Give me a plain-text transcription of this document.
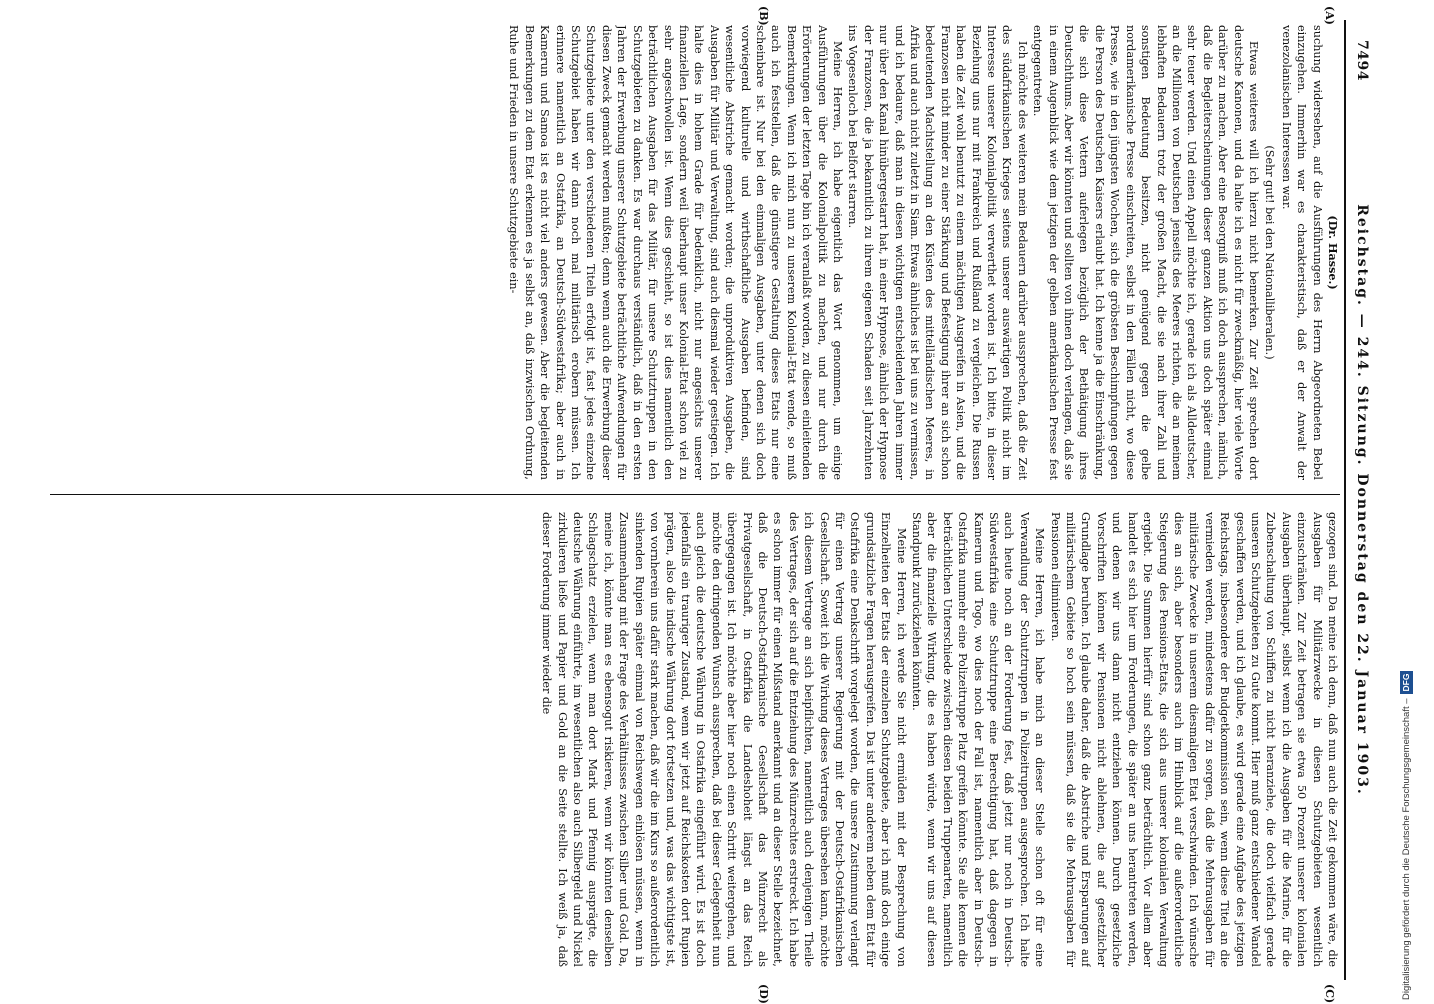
7494
Reichstag. — 244. Sitzung. Donnerstag den 22. Januar 1903.
(A)
(B)
(C)
(D)

(Dr. Hasse.)

suchung widersehen, auf die Ausführungen des Herrn Abgeordneten Bebel einzugehen. Immerhin war es charakteristisch, daß er der Anwalt der venezolanischen Interessen war.

(Sehr gut! bei den Nationalliberalen.)

Etwas weiteres will ich hierzu nicht bemerken. Zur Zeit sprechen dort deutsche Kanonen, und da halte ich es nicht für zweckmäßig, hier viele Worte darüber zu machen. Aber eine Besorgniß muß ich doch aussprechen, nämlich, daß die Begleiterscheinungen dieser ganzen Aktion uns doch später einmal sehr teuer werden. Und einen Appell möchte ich, gerade ich als Alldeutscher, an die Millionen von Deutschen jenseits des Meeres richten, die an meinem lebhaften Bedauern trotz der großen Macht, die sie nach ihrer Zahl und sonstigen Bedeutung besitzen, nicht genügend gegen die gelbe nordamerikanische Presse einschreiten, selbst in den Fällen nicht, wo diese Presse, wie in den jüngsten Wochen, sich die gröbsten Beschimpfungen gegen die Person des Deutschen Kaisers erlaubt hat. Ich kenne ja die Einschränkung, die sich diese Vettern auferlegen bezüglich der Bethätigung ihres Deutschthums. Aber wir könnten und sollten von ihnen doch verlangen, daß sie in einem Augenblick wie dem jetzigen der gelben amerikanischen Presse fest entgegentreten.

Ich möchte des weiteren mein Bedauern darüber aussprechen, daß die Zeit des südafrikanischen Krieges seitens unserer auswärtigen Politik nicht im Interesse unserer Kolonialpolitik verwerthet worden ist. Ich bitte, in dieser Beziehung uns nur mit Frankreich und Rußland zu vergleichen. Die Russen haben die Zeit wohl benutzt zu einem mächtigen Ausgreifen in Asien, und die Franzosen nicht minder zu einer Stärkung und Befestigung ihrer an sich schon bedeutenden Machtstellung an den Küsten des mittelländischen Meeres, in Afrika und auch nicht zuletzt in Siam. Etwas ähnliches ist bei uns zu vermissen, und ich bedaure, daß man in diesen wichtigen entscheidenden Jahren immer nur über den Kanal hinübergestarrt hat, in einer Hypnose, ähnlich der Hypnose der Franzosen, die ja bekanntlich zu ihrem eigenen Schaden seit Jahrzehnten ins Vogesenloch bei Belfort starren.

Meine Herren, ich habe eigentlich das Wort genommen, um einige Ausführungen über die Kolonialpolitik zu machen, und nur durch die Erörterungen der letzten Tage bin ich veranlaßt worden, zu diesen einleitenden Bemerkungen. Wenn ich mich nun zu unserem Kolonial-Etat wende, so muß auch ich feststellen, daß die günstigere Gestaltung dieses Etats nur eine scheinbare ist. Nur bei den einmaligen Ausgaben, unter denen sich doch vorwiegend kulturelle und wirthschaftliche Ausgaben befinden, sind wesentliche Abstriche gemacht worden; die unproduktiven Ausgaben, die Ausgaben für Militär und Verwaltung, sind auch diesmal wieder gestiegen. Ich halte dies in hohem Grade für bedenklich, nicht nur angesichts unserer finanziellen Lage, sondern weil überhaupt unser Kolonial-Etat schon viel zu sehr angeschwollen ist. Wenn dies geschieht, so ist dies namentlich den beträchtlichen Ausgaben für das Militär, für unsere Schutztruppen in den Schutzgebieten zu danken. Es war durchaus verständlich, daß in den ersten Jahren der Erwerbung unserer Schutzgebiete beträchtliche Aufwendungen für diesen Zweck gemacht werden mußten; denn wenn auch die Erwerbung dieser Schutzgebiete unter den verschiedenen Titeln erfolgt ist, fast jedes einzelne Schutzgebiet haben wir dann noch mal militärisch erobern müssen. Ich erinnere namentlich an Ostafrika, an Deutsch-Südwestafrika; aber auch in Kamerun und Samoa ist es nicht viel anders gewesen. Aber die begleitenden Bemerkungen zu dem Etat erkennen es ja selbst an, daß inzwischen Ordnung, Ruhe und Frieden in unsere Schutzgebiete ein-

gezogen sind. Da meine ich denn, daß nun auch die Zeit gekommen wäre, die Ausgaben für Militärzwecke in diesen Schutzgebieten wesentlich einzuschränken. Zur Zeit betragen sie etwa 50 Prozent unserer kolonialen Ausgaben überhaupt, selbst wenn ich die Ausgaben für die Marine, für die Zubenschaltung von Schiffen zu nicht heranziehe, die doch vielfach gerade unseren Schutzgebieten zu Gute kommt. Hier muß ganz entschiedener Wandel geschaffen werden, und ich glaube, es wird gerade eine Aufgabe des jetzigen Reichstags, insbesondere der Budgetkommission sein, wenn diese Titel an die vermieden werden, mindestens dafür zu sorgen, daß die Mehrausgaben für militärische Zwecke in unserem diesmaligen Etat verschwinden. Ich wünsche dies an sich, aber besonders auch im Hinblick auf die außerordentliche Steigerung des Pensions-Etats, die sich aus unserer kolonialen Verwaltung ergiebt. Die Summen hierfür sind schon ganz beträchtlich. Vor allem aber handelt es sich hier um Forderungen, die später an uns herantreten werden, und denen wir uns dann nicht entziehen können. Durch gesetzliche Vorschriften können wir Pensionen nicht ablehnen, die auf gesetzlicher Grundlage beruhen. Ich glaube daher, daß die Abstriche und Ersparungen auf militärischem Gebiete so hoch sein müssen, daß sie die Mehrausgaben für Pensionen eliminieren.

Meine Herren, ich habe mich an dieser Stelle schon oft für eine Verwandlung der Schutztruppen in Polizeitruppen ausgesprochen. Ich halte auch heute noch an der Forderung fest, daß jetzt nur noch in Deutsch-Südwestafrika eine Schutztruppe eine Berechtigung hat, daß dagegen in Kamerun und Togo, wo dies noch der Fall ist, namentlich aber in Deutsch-Ostafrika nunmehr eine Polizeitruppe Platz greifen könnte. Sie alle kennen die beträchtlichen Unterschiede zwischen diesen beiden Truppenarten, namentlich aber die finanzielle Wirkung, die es haben würde, wenn wir uns auf diesen Standpunkt zurückziehen könnten.

Meine Herren, ich werde Sie nicht ermüden mit der Besprechung von Einzelheiten der Etats der einzelnen Schutzgebiete, aber ich muß doch einige grundsätzliche Fragen herausgreifen. Da ist unter anderem neben dem Etat für Ostafrika eine Denkschrift vorgelegt worden, die unsere Zustimmung verlangt für einen Vertrag unserer Regierung mit der Deutsch-Ostafrikanischen Gesellschaft. Soweit ich die Wirkung dieses Vertrages übersehen kann, möchte ich diesem Vertrage an sich beipflichten, namentlich auch denjenigen Theile des Vertrages, der sich auf die Entziehung des Münzrechtes erstreckt. Ich habe es schon immer für einen Mißstand anerkannt und an dieser Stelle bezeichnet, daß die Deutsch-Ostafrikanische Gesellschaft das Münzrecht als Privatgesellschaft, in Ostafrika die Landeshoheit längst an das Reich übergegangen ist. Ich möchte aber hier noch einen Schritt weitergehen, und möchte den dringenden Wunsch aussprechen, daß bei dieser Gelegenheit nun auch gleich die deutsche Währung in Ostafrika eingeführt wird. Es ist doch jedenfalls ein trauriger Zustand, wenn wir jetzt auf Reichskosten dort Rupien prägen, also die indische Währung dort fortsetzen und, was das wichtigste ist, von vornherein uns dafür stark machen, daß wir die im Kurs so außerordentlich sinkenden Rupien später einmal von Reichswegen einlösen müssen, wenn in Zusammenhang mit der Frage des Verhältnisses zwischen Silber und Gold. Da, meine ich, könnte man es ebensogut riskieren, wenn wir könnten denselben Schlagschatz erzielen, wenn man dort Mark und Pfennig ausprägte, die deutsche Währung einführte, im wesentlichen also auch Silbergeld und Nickel zirkulieren ließe und Papier und Gold an die Seite stellte. Ich weiß ja, daß dieser Forderung immer wieder die

Digitalisierung gefördert durch die Deutsche Forschungsgemeinschaft –
DFG
